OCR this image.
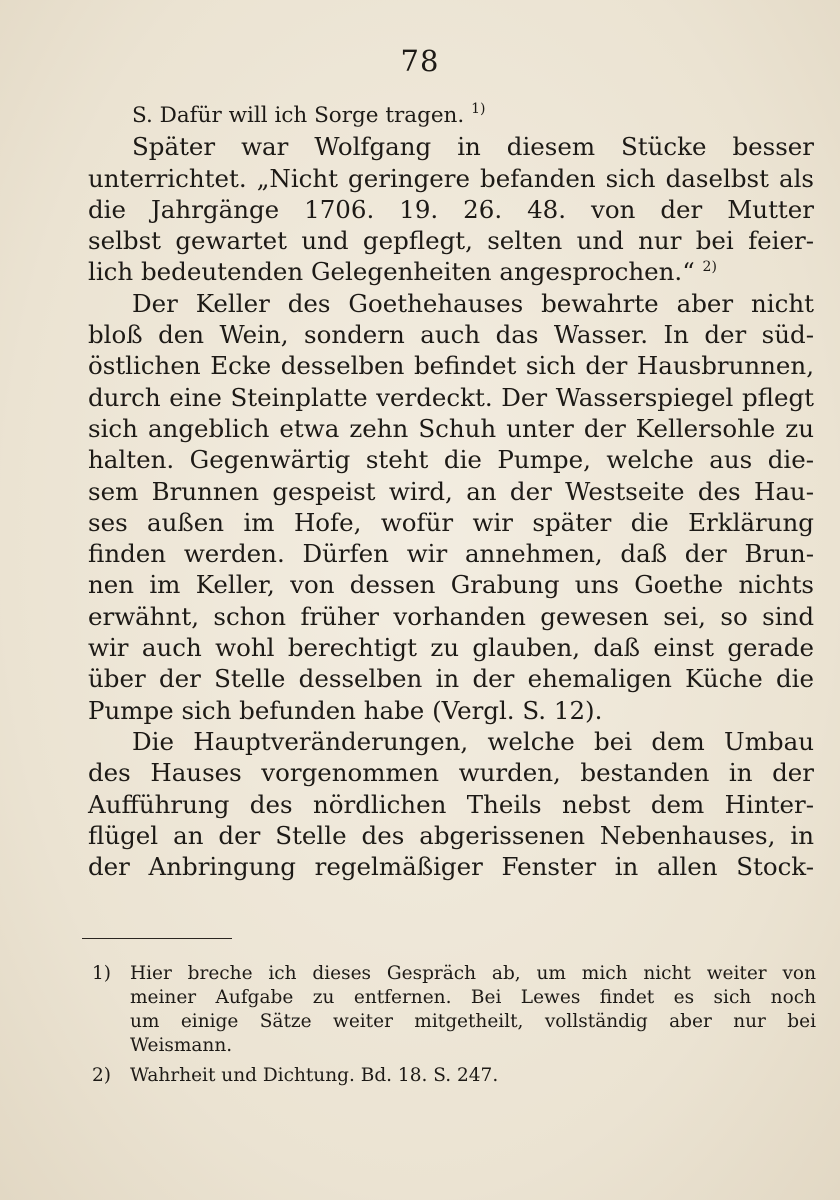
78
S. Dafür will ich Sorge tragen. $^{1)}$
Später war Wolfgang in diesem Stücke besser
unterrichtet. „Nicht geringere befanden sich daselbst als
die Jahrgänge 1706. 19. 26. 48. von der Mutter
selbst gewartet und gepflegt, selten und nur bei feier-
lich bedeutenden Gelegenheiten angesprochen.“ $^{2)}$
Der Keller des Goethehauses bewahrte aber nicht
bloß den Wein, sondern auch das Wasser. In der süd-
östlichen Ecke desselben befindet sich der Hausbrunnen,
durch eine Steinplatte verdeckt. Der Wasserspiegel pflegt
sich angeblich etwa zehn Schuh unter der Kellersohle zu
halten. Gegenwärtig steht die Pumpe, welche aus die-
sem Brunnen gespeist wird, an der Westseite des Hau-
ses außen im Hofe, wofür wir später die Erklärung
finden werden. Dürfen wir annehmen, daß der Brun-
nen im Keller, von dessen Grabung uns Goethe nichts
erwähnt, schon früher vorhanden gewesen sei, so sind
wir auch wohl berechtigt zu glauben, daß einst gerade
über der Stelle desselben in der ehemaligen Küche die
Pumpe sich befunden habe (Vergl. S. 12).
Die Hauptveränderungen, welche bei dem Umbau
des Hauses vorgenommen wurden, bestanden in der
Aufführung des nördlichen Theils nebst dem Hinter-
flügel an der Stelle des abgerissenen Nebenhauses, in
der Anbringung regelmäßiger Fenster in allen Stock-
1) Hier breche ich dieses Gespräch ab, um mich nicht weiter von
meiner Aufgabe zu entfernen. Bei Lewes findet es sich noch
um einige Sätze weiter mitgetheilt, vollständig aber nur bei
Weismann.
2) Wahrheit und Dichtung. Bd. 18. S. 247.
